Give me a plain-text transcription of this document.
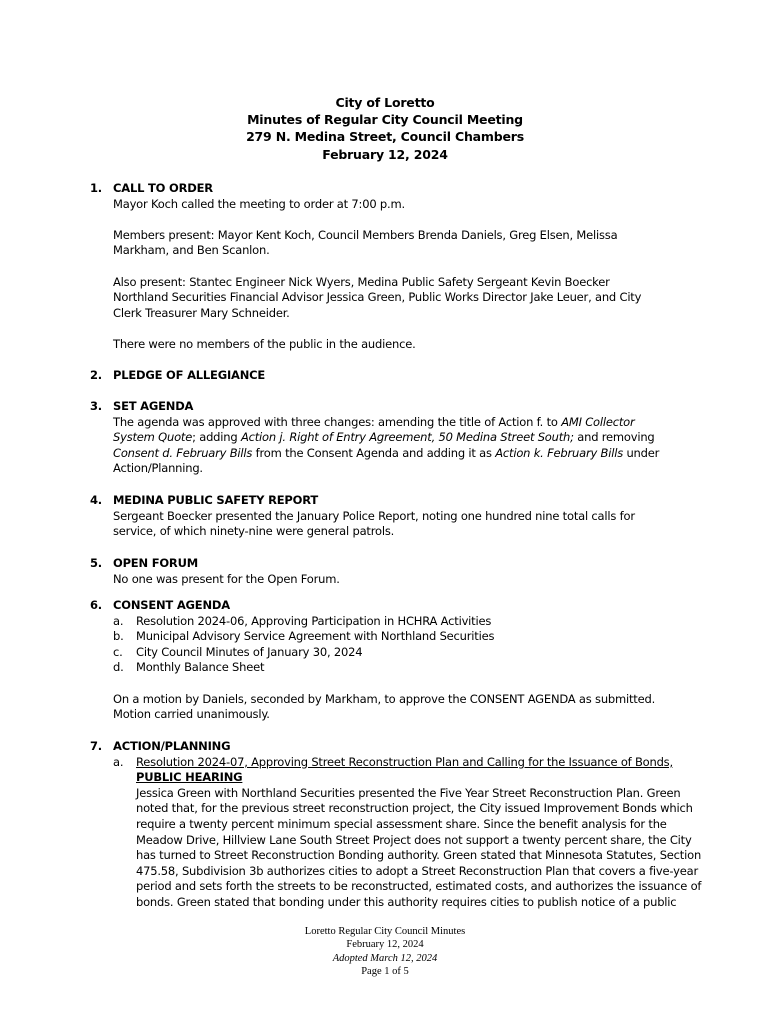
City of Loretto
Minutes of Regular City Council Meeting
279 N. Medina Street, Council Chambers
February 12, 2024
1. CALL TO ORDER

Mayor Koch called the meeting to order at 7:00 p.m.

Members present: Mayor Kent Koch, Council Members Brenda Daniels, Greg Elsen, Melissa

Markham, and Ben Scanlon.

Also present: Stantec Engineer Nick Wyers, Medina Public Safety Sergeant Kevin Boecker

Northland Securities Financial Advisor Jessica Green, Public Works Director Jake Leuer, and City

Clerk Treasurer Mary Schneider.

There were no members of the public in the audience.

2. PLEDGE OF ALLEGIANCE
3. SET AGENDA

The agenda was approved with three changes: amending the title of Action f. to AMI Collector

System Quote; adding Action j. Right of Entry Agreement, 50 Medina Street South; and removing

Consent d. February Bills from the Consent Agenda and adding it as Action k. February Bills under

Action/Planning.

4. MEDINA PUBLIC SAFETY REPORT

Sergeant Boecker presented the January Police Report, noting one hundred nine total calls for

service, of which ninety-nine were general patrols.

5. OPEN FORUM

No one was present for the Open Forum.

6. CONSENT AGENDA
a. Resolution 2024-06, Approving Participation in HCHRA Activities
b. Municipal Advisory Service Agreement with Northland Securities
c. City Council Minutes of January 30, 2024
d. Monthly Balance Sheet

On a motion by Daniels, seconded by Markham, to approve the CONSENT AGENDA as submitted.

Motion carried unanimously.

7. ACTION/PLANNING
a. Resolution 2024-07, Approving Street Reconstruction Plan and Calling for the Issuance of Bonds,
PUBLIC HEARING

Jessica Green with Northland Securities presented the Five Year Street Reconstruction Plan. Green

noted that, for the previous street reconstruction project, the City issued Improvement Bonds which

require a twenty percent minimum special assessment share. Since the benefit analysis for the

Meadow Drive, Hillview Lane South Street Project does not support a twenty percent share, the City

has turned to Street Reconstruction Bonding authority. Green stated that Minnesota Statutes, Section

475.58, Subdivision 3b authorizes cities to adopt a Street Reconstruction Plan that covers a five-year

period and sets forth the streets to be reconstructed, estimated costs, and authorizes the issuance of

bonds. Green stated that bonding under this authority requires cities to publish notice of a public

Loretto Regular City Council Minutes
February 12, 2024
Adopted March 12, 2024
Page 1 of 5
